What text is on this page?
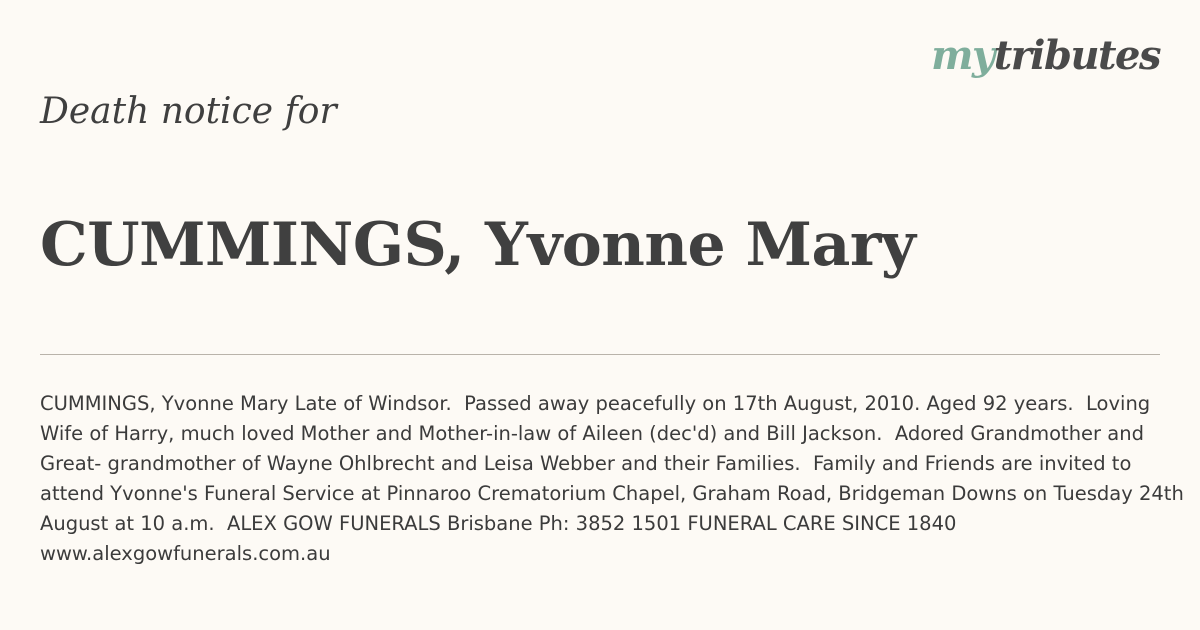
mytributes
Death notice for
CUMMINGS, Yvonne Mary
CUMMINGS, Yvonne Mary Late of Windsor.  Passed away peacefully on 17th August, 2010. Aged 92 years.  Loving Wife of Harry, much loved Mother and Mother-in-law of Aileen (dec'd) and Bill Jackson.  Adored Grandmother and Great- grandmother of Wayne Ohlbrecht and Leisa Webber and their Families.  Family and Friends are invited to attend Yvonne's Funeral Service at Pinnaroo Crematorium Chapel, Graham Road, Bridgeman Downs on Tuesday 24th August at 10 a.m.  ALEX GOW FUNERALS Brisbane Ph: 3852 1501 FUNERAL CARE SINCE 1840 www.alexgowfunerals.com.au
